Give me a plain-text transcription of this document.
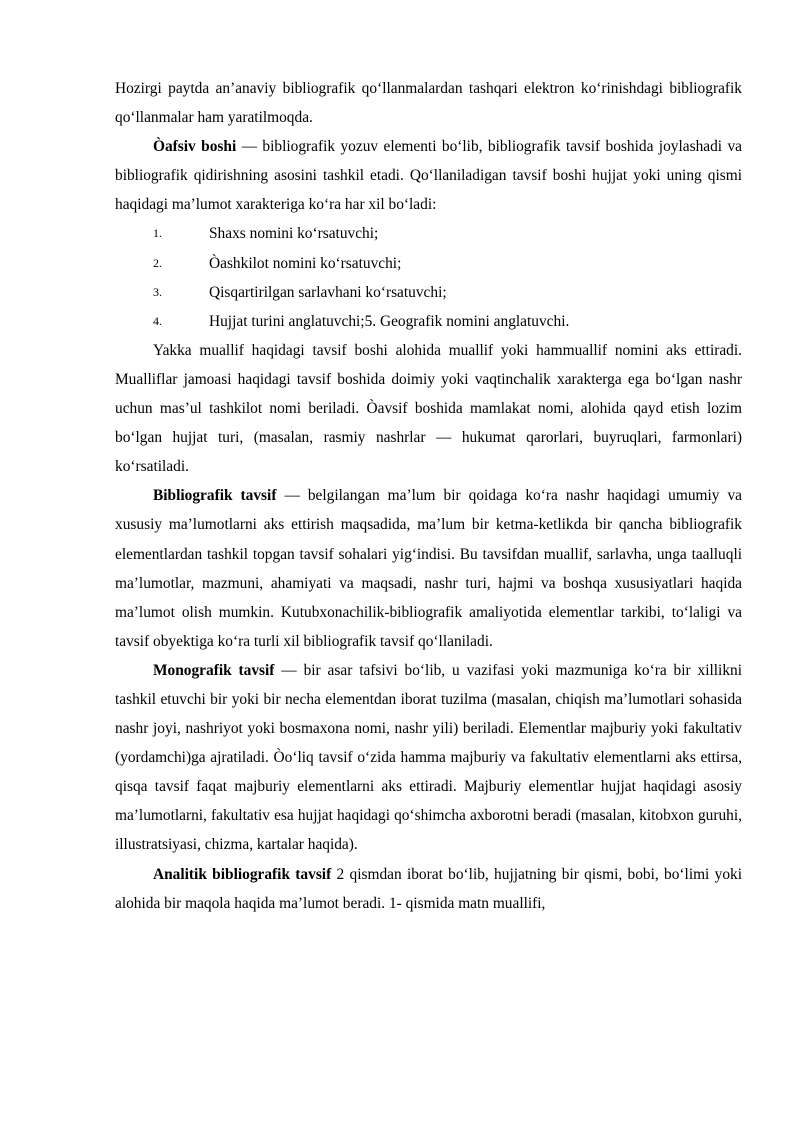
Hozirgi paytda an’anaviy bibliografik qo‘llanmalardan tashqari elektron ko‘rinishdagi bibliografik qo‘llanmalar ham yaratilmoqda.

Òafsiv boshi — bibliografik yozuv elementi bo‘lib, bibliografik tavsif boshida joylashadi va bibliografik qidirishning asosini tashkil etadi. Qo‘llaniladigan tavsif boshi hujjat yoki uning qismi haqidagi ma’lumot xarakteriga ko‘ra har xil bo‘ladi:

1.	Shaxs nomini ko‘rsatuvchi;
2.	Òashkilot nomini ko‘rsatuvchi;
3.	Qisqartirilgan sarlavhani ko‘rsatuvchi;
4.	Hujjat turini anglatuvchi;5. Geografik nomini anglatuvchi.

Yakka muallif haqidagi tavsif boshi alohida muallif yoki hammuallif nomini aks ettiradi. Mualliflar jamoasi haqidagi tavsif boshida doimiy yoki vaqtinchalik xarakterga ega bo‘lgan nashr uchun mas’ul tashkilot nomi beriladi. Òavsif boshida mamlakat nomi, alohida qayd etish lozim bo‘lgan hujjat turi, (masalan, rasmiy nashrlar — hukumat qarorlari, buyruqlari, farmonlari) ko‘rsatiladi.

Bibliografik tavsif — belgilangan ma’lum bir qoidaga ko‘ra nashr haqidagi umumiy va xususiy ma’lumotlarni aks ettirish maqsadida, ma’lum bir ketma-ketlikda bir qancha bibliografik elementlardan tashkil topgan tavsif sohalari yig‘indisi. Bu tavsifdan muallif, sarlavha, unga taalluqli ma’lumotlar, mazmuni, ahamiyati va maqsadi, nashr turi, hajmi va boshqa xususiyatlari haqida ma’lumot olish mumkin. Kutubxonachilik-bibliografik amaliyotida elementlar tarkibi, to‘laligi va tavsif obyektiga ko‘ra turli xil bibliografik tavsif qo‘llaniladi.

Monografik tavsif — bir asar tafsivi bo‘lib, u vazifasi yoki mazmuniga ko‘ra bir xillikni tashkil etuvchi bir yoki bir necha elementdan iborat tuzilma (masalan, chiqish ma’lumotlari sohasida nashr joyi, nashriyot yoki bosmaxona nomi, nashr yili) beriladi. Elementlar majburiy yoki fakultativ (yordamchi)ga ajratiladi. Òo‘liq tavsif o‘zida hamma majburiy va fakultativ elementlarni aks ettirsa, qisqa tavsif faqat majburiy elementlarni aks ettiradi. Majburiy elementlar hujjat haqidagi asosiy ma’lumotlarni, fakultativ esa hujjat haqidagi qo‘shimcha axborotni beradi (masalan, kitobxon guruhi, illustratsiyasi, chizma, kartalar haqida).

Analitik bibliografik tavsif 2 qismdan iborat bo‘lib, hujjatning bir qismi, bobi, bo‘limi yoki alohida bir maqola haqida ma’lumot beradi. 1- qismida matn muallifi,
